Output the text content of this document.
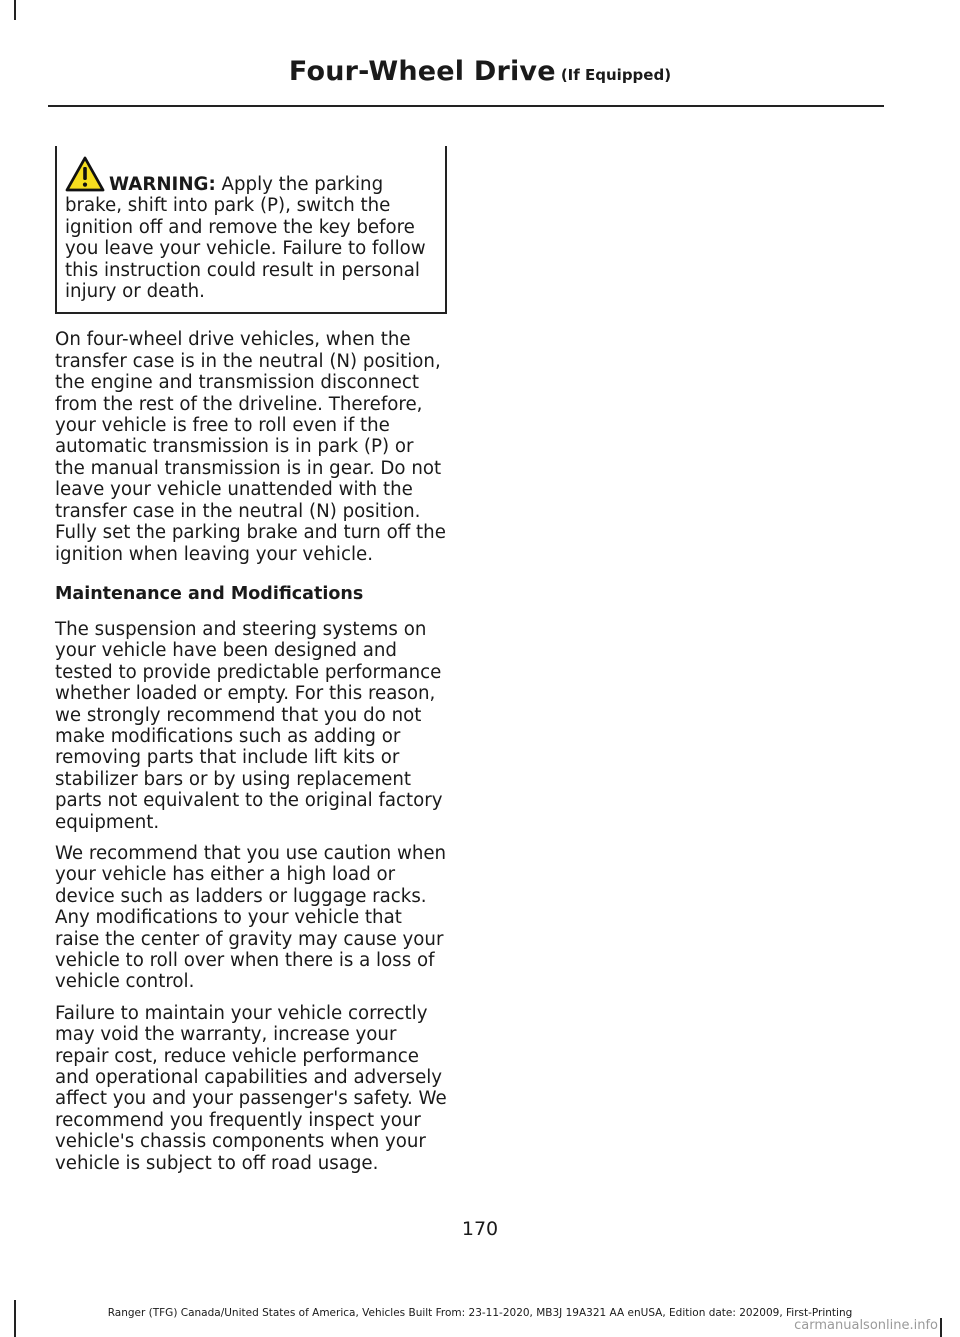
Four-Wheel Drive (If Equipped)
WARNING: Apply the parking brake, shift into park (P), switch the ignition off and remove the key before you leave your vehicle. Failure to follow this instruction could result in personal injury or death.

On four-wheel drive vehicles, when the transfer case is in the neutral (N) position, the engine and transmission disconnect from the rest of the driveline. Therefore, your vehicle is free to roll even if the automatic transmission is in park (P) or the manual transmission is in gear. Do not leave your vehicle unattended with the transfer case in the neutral (N) position. Fully set the parking brake and turn off the ignition when leaving your vehicle.

Maintenance and Modifications

The suspension and steering systems on your vehicle have been designed and tested to provide predictable performance whether loaded or empty. For this reason, we strongly recommend that you do not make modifications such as adding or removing parts that include lift kits or stabilizer bars or by using replacement parts not equivalent to the original factory equipment.

We recommend that you use caution when your vehicle has either a high load or device such as ladders or luggage racks. Any modifications to your vehicle that raise the center of gravity may cause your vehicle to roll over when there is a loss of vehicle control.

Failure to maintain your vehicle correctly may void the warranty, increase your repair cost, reduce vehicle performance and operational capabilities and adversely affect you and your passenger's safety. We recommend you frequently inspect your vehicle's chassis components when your vehicle is subject to off road usage.

170
Ranger (TFG) Canada/United States of America, Vehicles Built From: 23-11-2020, MB3J 19A321 AA enUSA, Edition date: 202009, First-Printing
carmanualsonline.info
